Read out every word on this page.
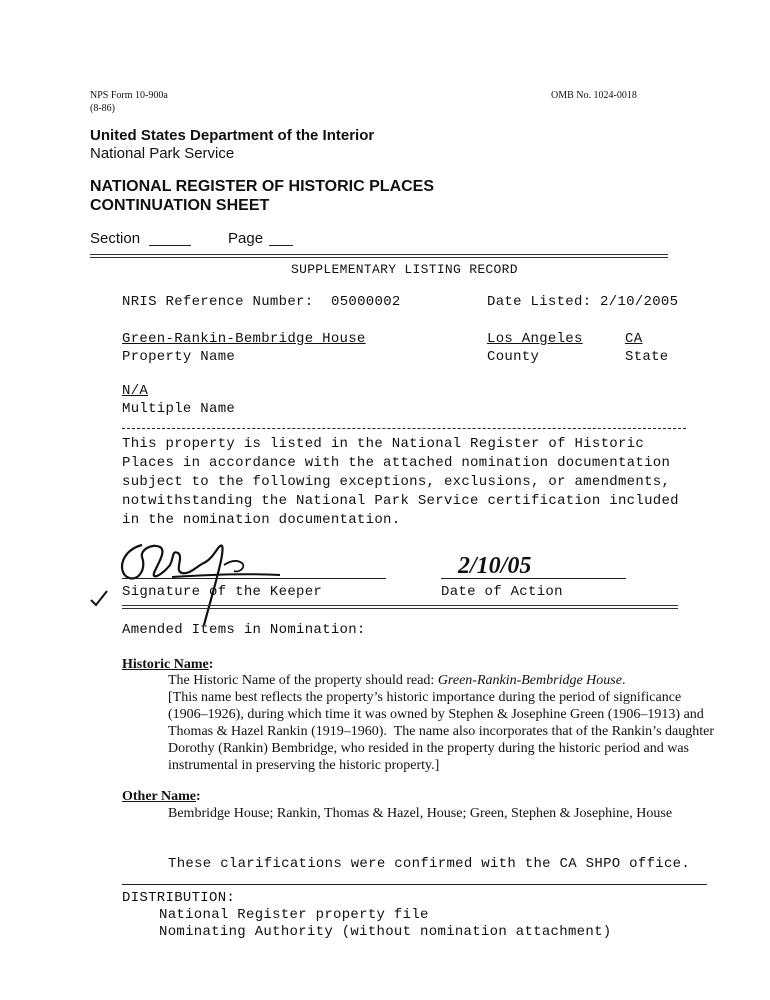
NPS Form 10-900a
(8-86)
OMB No. 1024-0018
United States Department of the Interior
National Park Service
NATIONAL REGISTER OF HISTORIC PLACES
CONTINUATION SHEET
Section	Page
SUPPLEMENTARY LISTING RECORD
NRIS Reference Number: 05000002	Date Listed: 2/10/2005
Green-Rankin-Bembridge House	Los Angeles	CA
Property Name	County	State
N/A
Multiple Name
This property is listed in the National Register of Historic
Places in accordance with the attached nomination documentation
subject to the following exceptions, exclusions, or amendments,
notwithstanding the National Park Service certification included
in the nomination documentation.
Signature of the Keeper
2/10/05
Date of Action
Amended Items in Nomination:
Historic Name:
The Historic Name of the property should read: Green-Rankin-Bembridge House.
[This name best reflects the property’s historic importance during the period of significance
(1906–1926), during which time it was owned by Stephen & Josephine Green (1906–1913) and
Thomas & Hazel Rankin (1919–1960).  The name also incorporates that of the Rankin’s daughter
Dorothy (Rankin) Bembridge, who resided in the property during the historic period and was
instrumental in preserving the historic property.]
Other Name:
Bembridge House; Rankin, Thomas & Hazel, House; Green, Stephen & Josephine, House
These clarifications were confirmed with the CA SHPO office.
DISTRIBUTION:
National Register property file
Nominating Authority (without nomination attachment)
